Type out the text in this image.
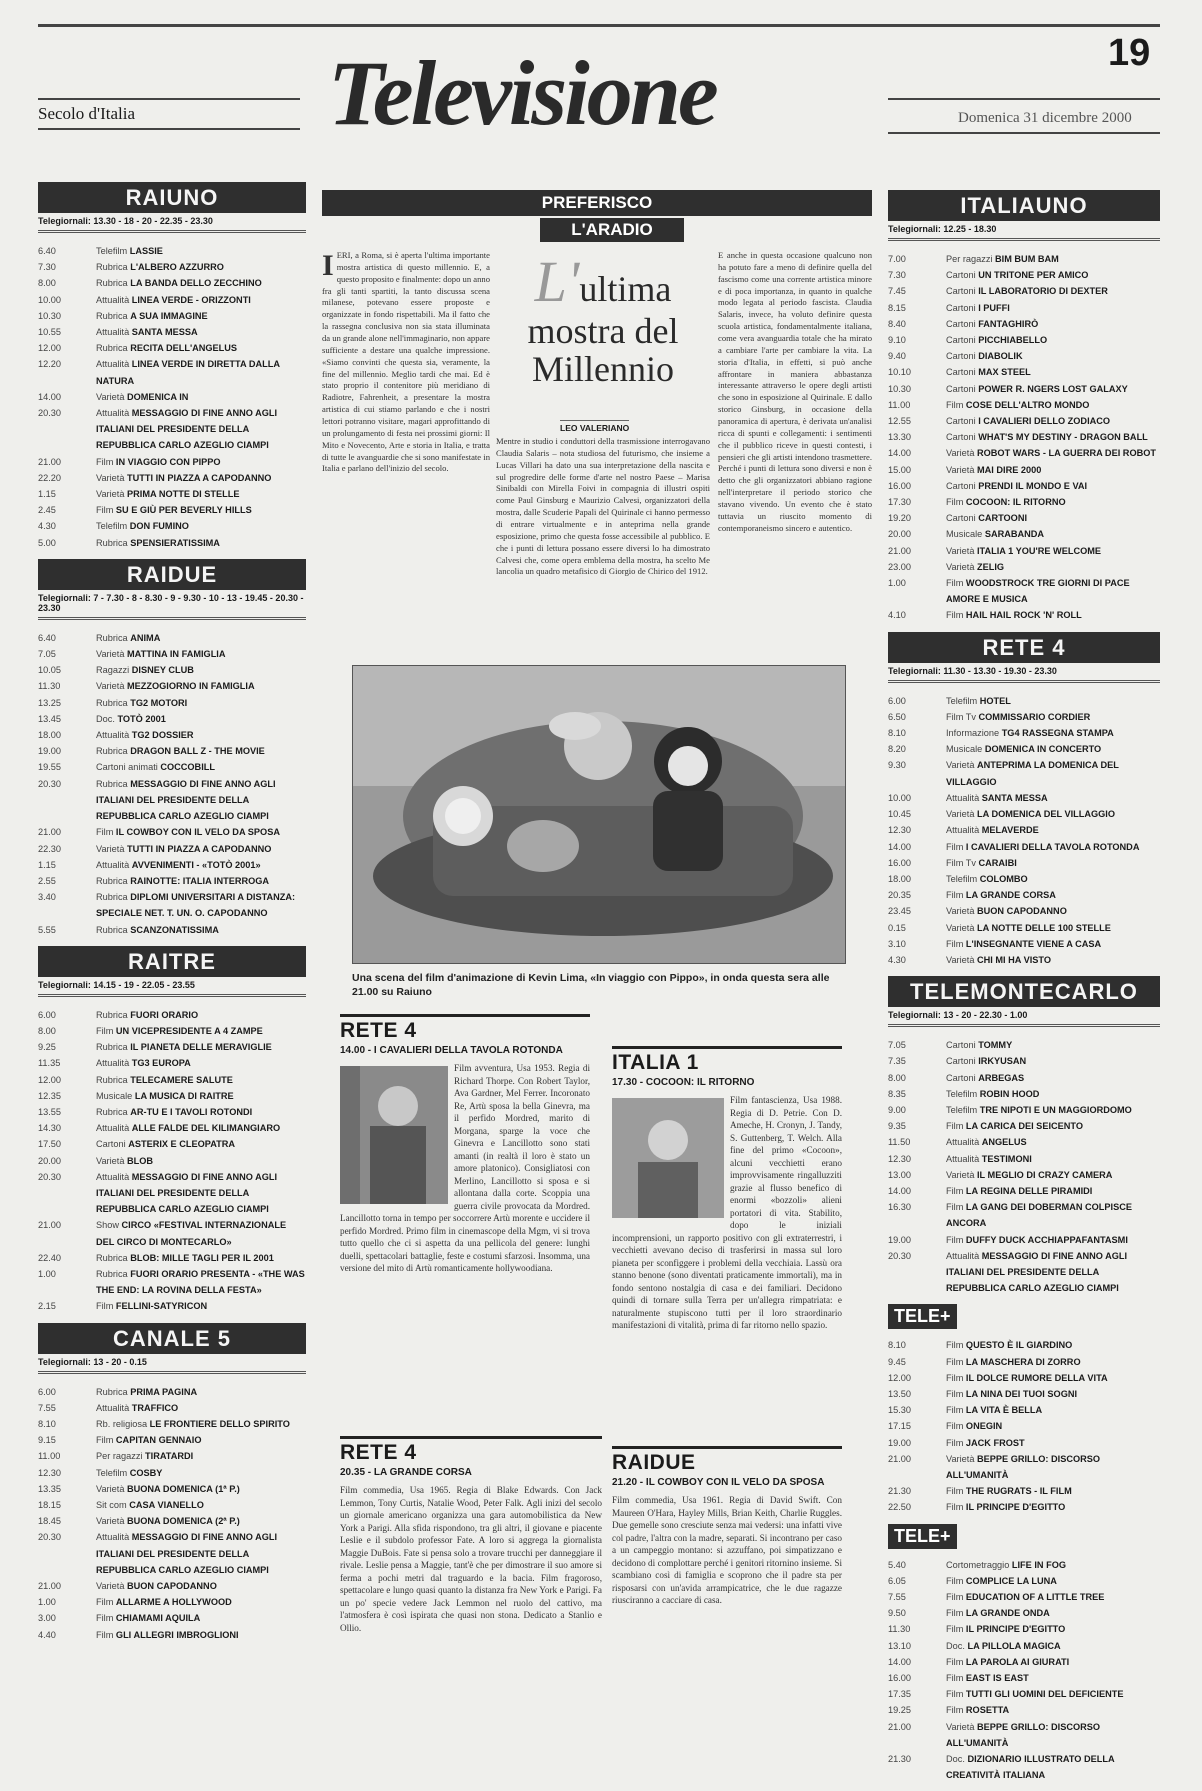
19
Secolo d'Italia Televisione	Domenica 31 dicembre 2000
RAIUNO
Telegiornali: 13.30 - 18 - 20 - 22.35 - 23.30
6.40	Telefilm LASSIE
7.30	Rubrica L'ALBERO AZZURRO
8.00	Rubrica LA BANDA DELLO ZECCHINO
10.00	Attualità LINEA VERDE - ORIZZONTI
10.30	Rubrica A SUA IMMAGINE
10.55	Attualità SANTA MESSA
12.00	Rubrica RECITA DELL'ANGELUS
12.20	Attualità LINEA VERDE IN DIRETTA DALLA NATURA
14.00	Varietà DOMENICA IN
20.30	Attualità MESSAGGIO DI FINE ANNO AGLI ITALIANI DEL PRESIDENTE DELLA REPUBBLICA CARLO AZEGLIO CIAMPI
21.00	Film IN VIAGGIO CON PIPPO
22.20	Varietà TUTTI IN PIAZZA A CAPODANNO
1.15	Varietà PRIMA NOTTE DI STELLE
2.45	Film SU E GIÙ PER BEVERLY HILLS
4.30	Telefilm DON FUMINO
5.00	Rubrica SPENSIERATISSIMA
RAIDUE
Telegiornali: 7 - 7.30 - 8 - 8.30 - 9 - 9.30 - 10 - 13 - 19.45 - 20.30 - 23.30
6.40	Rubrica ANIMA
7.05	Varietà MATTINA IN FAMIGLIA
10.05	Ragazzi DISNEY CLUB
11.30	Varietà MEZZOGIORNO IN FAMIGLIA
13.25	Rubrica TG2 MOTORI
13.45	Doc. TOTÒ 2001
18.00	Attualità TG2 DOSSIER
19.00	Rubrica DRAGON BALL Z - THE MOVIE
19.55	Cartoni animati COCCOBILL
20.30	Rubrica MESSAGGIO DI FINE ANNO AGLI ITALIANI DEL PRESIDENTE DELLA REPUBBLICA CARLO AZEGLIO CIAMPI
21.00	Film IL COWBOY CON IL VELO DA SPOSA
22.30	Varietà TUTTI IN PIAZZA A CAPODANNO
1.15	Attualità AVVENIMENTI - «TOTÒ 2001»
2.55	Rubrica RAINOTTE: ITALIA INTERROGA
3.40	Rubrica DIPLOMI UNIVERSITARI A DISTANZA: SPECIALE NET. T. UN. O. CAPODANNO
5.55	Rubrica SCANZONATISSIMA
RAITRE
Telegiornali: 14.15 - 19 - 22.05 - 23.55
6.00	Rubrica FUORI ORARIO
8.00	Film UN VICEPRESIDENTE A 4 ZAMPE
9.25	Rubrica IL PIANETA DELLE MERAVIGLIE
11.35	Attualità TG3 EUROPA
12.00	Rubrica TELECAMERE SALUTE
12.35	Musicale LA MUSICA DI RAITRE
13.55	Rubrica AR-TU E I TAVOLI ROTONDI
14.30	Attualità ALLE FALDE DEL KILIMANGIARO
17.50	Cartoni ASTERIX E CLEOPATRA
20.00	Varietà BLOB
20.30	Attualità MESSAGGIO DI FINE ANNO AGLI ITALIANI DEL PRESIDENTE DELLA REPUBBLICA CARLO AZEGLIO CIAMPI
21.00	Show CIRCO «FESTIVAL INTERNAZIONALE DEL CIRCO DI MONTECARLO»
22.40	Rubrica BLOB: MILLE TAGLI PER IL 2001
1.00	Rubrica FUORI ORARIO PRESENTA - «THE WAS THE END: LA ROVINA DELLA FESTA»
2.15	Film FELLINI-SATYRICON
CANALE 5
Telegiornali: 13 - 20 - 0.15
6.00	Rubrica PRIMA PAGINA
7.55	Attualità TRAFFICO
8.10	Rb. religiosa LE FRONTIERE DELLO SPIRITO
9.15	Film CAPITAN GENNAIO
11.00	Per ragazzi TIRATARDI
12.30	Telefilm COSBY
13.35	Varietà BUONA DOMENICA (1ª P.)
18.15	Sit com CASA VIANELLO
18.45	Varietà BUONA DOMENICA (2ª P.)
20.30	Attualità MESSAGGIO DI FINE ANNO AGLI ITALIANI DEL PRESIDENTE DELLA REPUBBLICA CARLO AZEGLIO CIAMPI
21.00	Varietà BUON CAPODANNO
1.00	Film ALLARME A HOLLYWOOD
3.00	Film CHIAMAMI AQUILA
4.40	Film GLI ALLEGRI IMBROGLIONI
ITALIAUNO
Telegiornali: 12.25 - 18.30
7.00	Per ragazzi BIM BUM BAM
7.30	Cartoni UN TRITONE PER AMICO
7.45	Cartoni IL LABORATORIO DI DEXTER
8.15	Cartoni I PUFFI
8.40	Cartoni FANTAGHIRÒ
9.10	Cartoni PICCHIABELLO
9.40	Cartoni DIABOLIK
10.10	Cartoni MAX STEEL
10.30	Cartoni POWER R. NGERS LOST GALAXY
11.00	Film COSE DELL'ALTRO MONDO
12.55	Cartoni I CAVALIERI DELLO ZODIACO
13.30	Cartoni WHAT'S MY DESTINY - DRAGON BALL
14.00	Varietà ROBOT WARS - LA GUERRA DEI ROBOT
15.00	Varietà MAI DIRE 2000
16.00	Cartoni PRENDI IL MONDO E VAI
17.30	Film COCOON: IL RITORNO
19.20	Cartoni CARTOONI
20.00	Musicale SARABANDA
21.00	Varietà ITALIA 1 YOU'RE WELCOME
23.00	Varietà ZELIG
1.00	Film WOODSTROCK TRE GIORNI DI PACE AMORE E MUSICA
4.10	Film HAIL HAIL ROCK 'N' ROLL
RETE 4
Telegiornali: 11.30 - 13.30 - 19.30 - 23.30
6.00	Telefilm HOTEL
6.50	Film Tv COMMISSARIO CORDIER
8.10	Informazione TG4 RASSEGNA STAMPA
8.20	Musicale DOMENICA IN CONCERTO
9.30	Varietà ANTEPRIMA LA DOMENICA DEL VILLAGGIO
10.00	Attualità SANTA MESSA
10.45	Varietà LA DOMENICA DEL VILLAGGIO
12.30	Attualità MELAVERDE
14.00	Film I CAVALIERI DELLA TAVOLA ROTONDA
16.00	Film Tv CARAIBI
18.00	Telefilm COLOMBO
20.35	Film LA GRANDE CORSA
23.45	Varietà BUON CAPODANNO
0.15	Varietà LA NOTTE DELLE 100 STELLE
3.10	Film L'INSEGNANTE VIENE A CASA
4.30	Varietà CHI MI HA VISTO
TELEMONTECARLO
Telegiornali: 13 - 20 - 22.30 - 1.00
7.05	Cartoni TOMMY
7.35	Cartoni IRKYUSAN
8.00	Cartoni ARBEGAS
8.35	Telefilm ROBIN HOOD
9.00	Telefilm TRE NIPOTI E UN MAGGIORDOMO
9.35	Film LA CARICA DEI SEICENTO
11.50	Attualità ANGELUS
12.30	Attualità TESTIMONI
13.00	Varietà IL MEGLIO DI CRAZY CAMERA
14.00	Film LA REGINA DELLE PIRAMIDI
16.30	Film LA GANG DEI DOBERMAN COLPISCE ANCORA
19.00	Film DUFFY DUCK ACCHIAPPAFANTASMI
20.30	Attualità MESSAGGIO DI FINE ANNO AGLI ITALIANI DEL PRESIDENTE DELLA REPUBBLICA CARLO AZEGLIO CIAMPI
TELE+
8.10	Film QUESTO È IL GIARDINO
9.45	Film LA MASCHERA DI ZORRO
12.00	Film IL DOLCE RUMORE DELLA VITA
13.50	Film LA NINA DEI TUOI SOGNI
15.30	Film LA VITA È BELLA
17.15	Film ONEGIN
19.00	Film JACK FROST
21.00	Varietà BEPPE GRILLO: DISCORSO ALL'UMANITÀ
21.30	Film THE RUGRATS - IL FILM
22.50	Film IL PRINCIPE D'EGITTO
TELE+
5.40	Cortometraggio LIFE IN FOG
6.05	Film COMPLICE LA LUNA
7.55	Film EDUCATION OF A LITTLE TREE
9.50	Film LA GRANDE ONDA
11.30	Film IL PRINCIPE D'EGITTO
13.10	Doc. LA PILLOLA MAGICA
14.00	Film LA PAROLA AI GIURATI
16.00	Film EAST IS EAST
17.35	Film TUTTI GLI UOMINI DEL DEFICIENTE
19.25	Film ROSETTA
21.00	Varietà BEPPE GRILLO: DISCORSO ALL'UMANITÀ
21.30	Doc. DIZIONARIO ILLUSTRATO DELLA CREATIVITÀ ITALIANA
PREFERISCO
L'ARADIO

IERI, a Roma, si è aperta l'ultima importante mostra artistica di questo millennio. E, a questo proposito e finalmente: dopo un anno fra gli tanti spartiti, la tanto discussa scena milanese, potevano essere proposte e organizzate in fondo rispettabili. Ma il fatto che la rassegna conclusiva non sia stata illuminata da un grande alone nell'immaginario, non appare sufficiente a destare una qualche impressione. «Siamo convinti che questa sia, veramente, la fine del millennio. Meglio tardi che mai. Ed è stato proprio il contenitore più meridiano di Radiotre, Fahrenheit, a presentare la mostra artistica di cui stiamo parlando e che i nostri lettori potranno visitare, magari approfittando di un prolungamento di festa nei prossimi giorni: Il Mito e Novecento, Arte e storia in Italia, e tratta di tutte le avanguardie che si sono manifestate in Italia e parlano dell'inizio del secolo.

L'ultima mostra del Millennio
LEO VALERIANO

Mentre in studio i conduttori della trasmissione interrogavano Claudia Salaris – nota studiosa del futurismo, che insieme a Lucas Villari ha dato una sua interpretazione della nascita e sul progredire delle forme d'arte nel nostro Paese – Marisa Sinibaldi con Mirella Foivi in compagnia di illustri ospiti come Paul Ginsburg e Maurizio Calvesi, organizzatori della mostra, dalle Scuderie Papali del Quirinale ci hanno permesso di entrare virtualmente e in anteprima nella grande esposizione, primo che questa fosse accessibile al pubblico. E che i punti di lettura possano essere diversi lo ha dimostrato Calvesi che, come opera emblema della mostra, ha scelto Me lancolia un quadro metafisico di Giorgio de Chirico del 1912.

E anche in questa occasione qualcuno non ha potuto fare a meno di definire quella del fascismo come una corrente artistica minore e di poca importanza, in quanto in qualche modo legata al periodo fascista. Claudia Salaris, invece, ha voluto definire questa scuola artistica, fondamentalmente italiana, come vera avanguardia totale che ha mirato a cambiare l'arte per cambiare la vita. La storia d'Italia, in effetti, si può anche affrontare in maniera abbastanza interessante attraverso le opere degli artisti che sono in esposizione al Quirinale. E dallo storico Ginsburg, in occasione della panoramica di apertura, è derivata un'analisi ricca di spunti e collegamenti: i sentimenti che il pubblico riceve in questi contesti, i pensieri che gli artisti intendono trasmettere. Perché i punti di lettura sono diversi e non è detto che gli organizzatori abbiano ragione nell'interpretare il periodo storico che stavano vivendo. Un evento che è stato tuttavia un riuscito momento di contemporaneismo sincero e autentico.

Una scena del film d'animazione di Kevin Lima, «In viaggio con Pippo», in onda questa sera alle 21.00 su Raiuno
RETE 4
14.00 - I CAVALIERI DELLA TAVOLA ROTONDA

Film avventura, Usa 1953. Regia di Richard Thorpe. Con Robert Taylor, Ava Gardner, Mel Ferrer. Incoronato Re, Artù sposa la bella Ginevra, ma il perfido Mordred, marito di Morgana, sparge la voce che Ginevra e Lancillotto sono stati amanti (in realtà il loro è stato un amore platonico). Consigliatosi con Merlino, Lancillotto si sposa e si allontana dalla corte. Scoppia una guerra civile provocata da Mordred. Lancillotto torna in tempo per soccorrere Artù morente e uccidere il perfido Mordred. Primo film in cinemascope della Mgm, vi si trova tutto quello che ci si aspetta da una pellicola del genere: lunghi duelli, spettacolari battaglie, feste e costumi sfarzosi. Insomma, una versione del mito di Artù romanticamente hollywoodiana.

RETE 4
20.35 - LA GRANDE CORSA

Film commedia, Usa 1965. Regia di Blake Edwards. Con Jack Lemmon, Tony Curtis, Natalie Wood, Peter Falk. Agli inizi del secolo un giornale americano organizza una gara automobilistica da New York a Parigi. Alla sfida rispondono, tra gli altri, il giovane e piacente Leslie e il subdolo professor Fate. A loro si aggrega la giornalista Maggie DuBois. Fate si pensa solo a trovare trucchi per danneggiare il rivale. Leslie pensa a Maggie, tant'è che per dimostrare il suo amore si ferma a pochi metri dal traguardo e la bacia. Film fragoroso, spettacolare e lungo quasi quanto la distanza fra New York e Parigi. Fa un po' specie vedere Jack Lemmon nel ruolo del cattivo, ma l'atmosfera è così ispirata che quasi non stona. Dedicato a Stanlio e Ollio.

ITALIA 1
17.30 - COCOON: IL RITORNO

Film fantascienza, Usa 1988. Regia di D. Petrie. Con D. Ameche, H. Cronyn, J. Tandy, S. Guttenberg, T. Welch. Alla fine del primo «Cocoon», alcuni vecchietti erano improvvisamente ringalluzziti grazie al flusso benefico di enormi «bozzoli» alieni portatori di vita. Stabilito, dopo le iniziali incomprensioni, un rapporto positivo con gli extraterrestri, i vecchietti avevano deciso di trasferirsi in massa sul loro pianeta per sconfiggere i problemi della vecchiaia. Lassù ora stanno benone (sono diventati praticamente immortali), ma in fondo sentono nostalgia di casa e dei familiari. Decidono quindi di tornare sulla Terra per un'allegra rimpatriata: e naturalmente stupiscono tutti per il loro straordinario manifestazioni di vitalità, prima di far ritorno nello spazio.

RAIDUE
21.20 - IL COWBOY CON IL VELO DA SPOSA

Film commedia, Usa 1961. Regia di David Swift. Con Maureen O'Hara, Hayley Mills, Brian Keith, Charlie Ruggles. Due gemelle sono cresciute senza mai vedersi: una infatti vive col padre, l'altra con la madre, separati. Si incontrano per caso a un campeggio montano: si azzuffano, poi simpatizzano e decidono di complottare perché i genitori ritornino insieme. Si scambiano così di famiglia e scoprono che il padre sta per risposarsi con un'avida arrampicatrice, che le due ragazze riusciranno a cacciare di casa.
